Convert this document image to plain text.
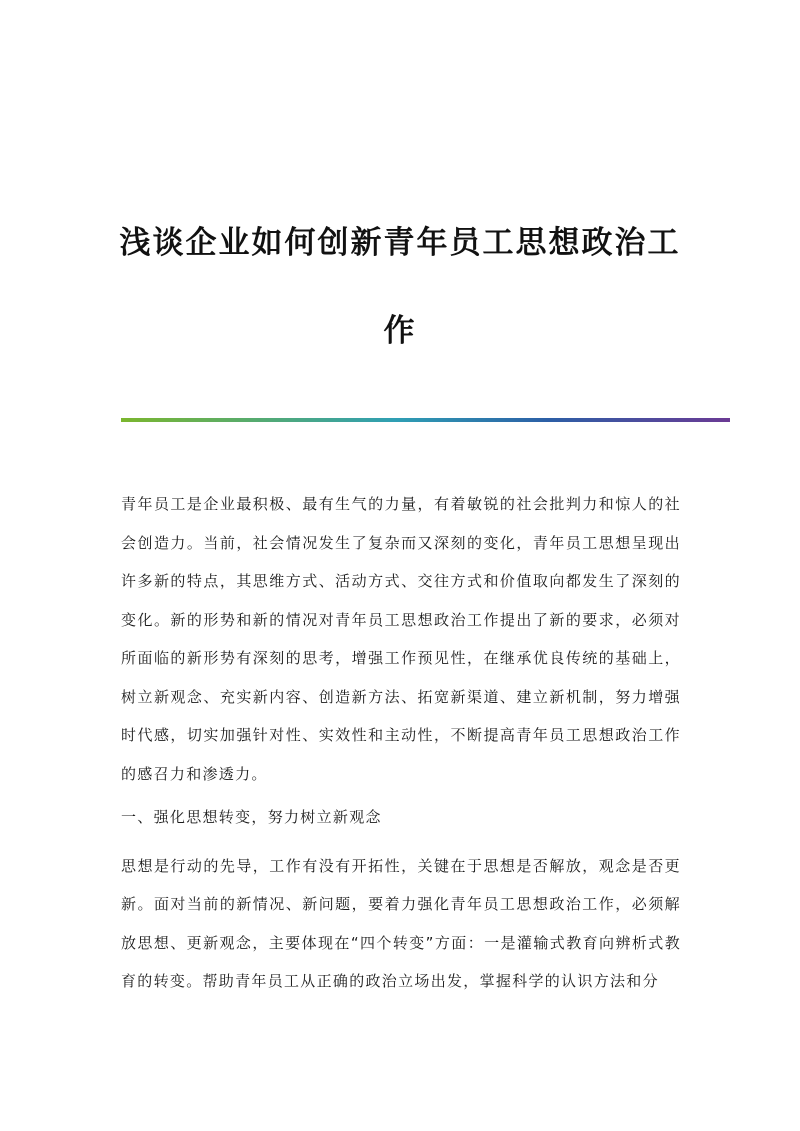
浅谈企业如何创新青年员工思想政治工
作

青年员工是企业最积极、最有生气的力量，有着敏锐的社会批判力和惊人的社会创造力。当前，社会情况发生了复杂而又深刻的变化，青年员工思想呈现出许多新的特点，其思维方式、活动方式、交往方式和价值取向都发生了深刻的变化。新的形势和新的情况对青年员工思想政治工作提出了新的要求，必须对所面临的新形势有深刻的思考，增强工作预见性，在继承优良传统的基础上，树立新观念、充实新内容、创造新方法、拓宽新渠道、建立新机制，努力增强时代感，切实加强针对性、实效性和主动性，不断提高青年员工思想政治工作的感召力和渗透力。

一、强化思想转变，努力树立新观念

思想是行动的先导，工作有没有开拓性，关键在于思想是否解放，观念是否更新。面对当前的新情况、新问题，要着力强化青年员工思想政治工作，必须解放思想、更新观念，主要体现在“四个转变”方面：一是灌输式教育向辨析式教育的转变。帮助青年员工从正确的政治立场出发，掌握科学的认识方法和分
